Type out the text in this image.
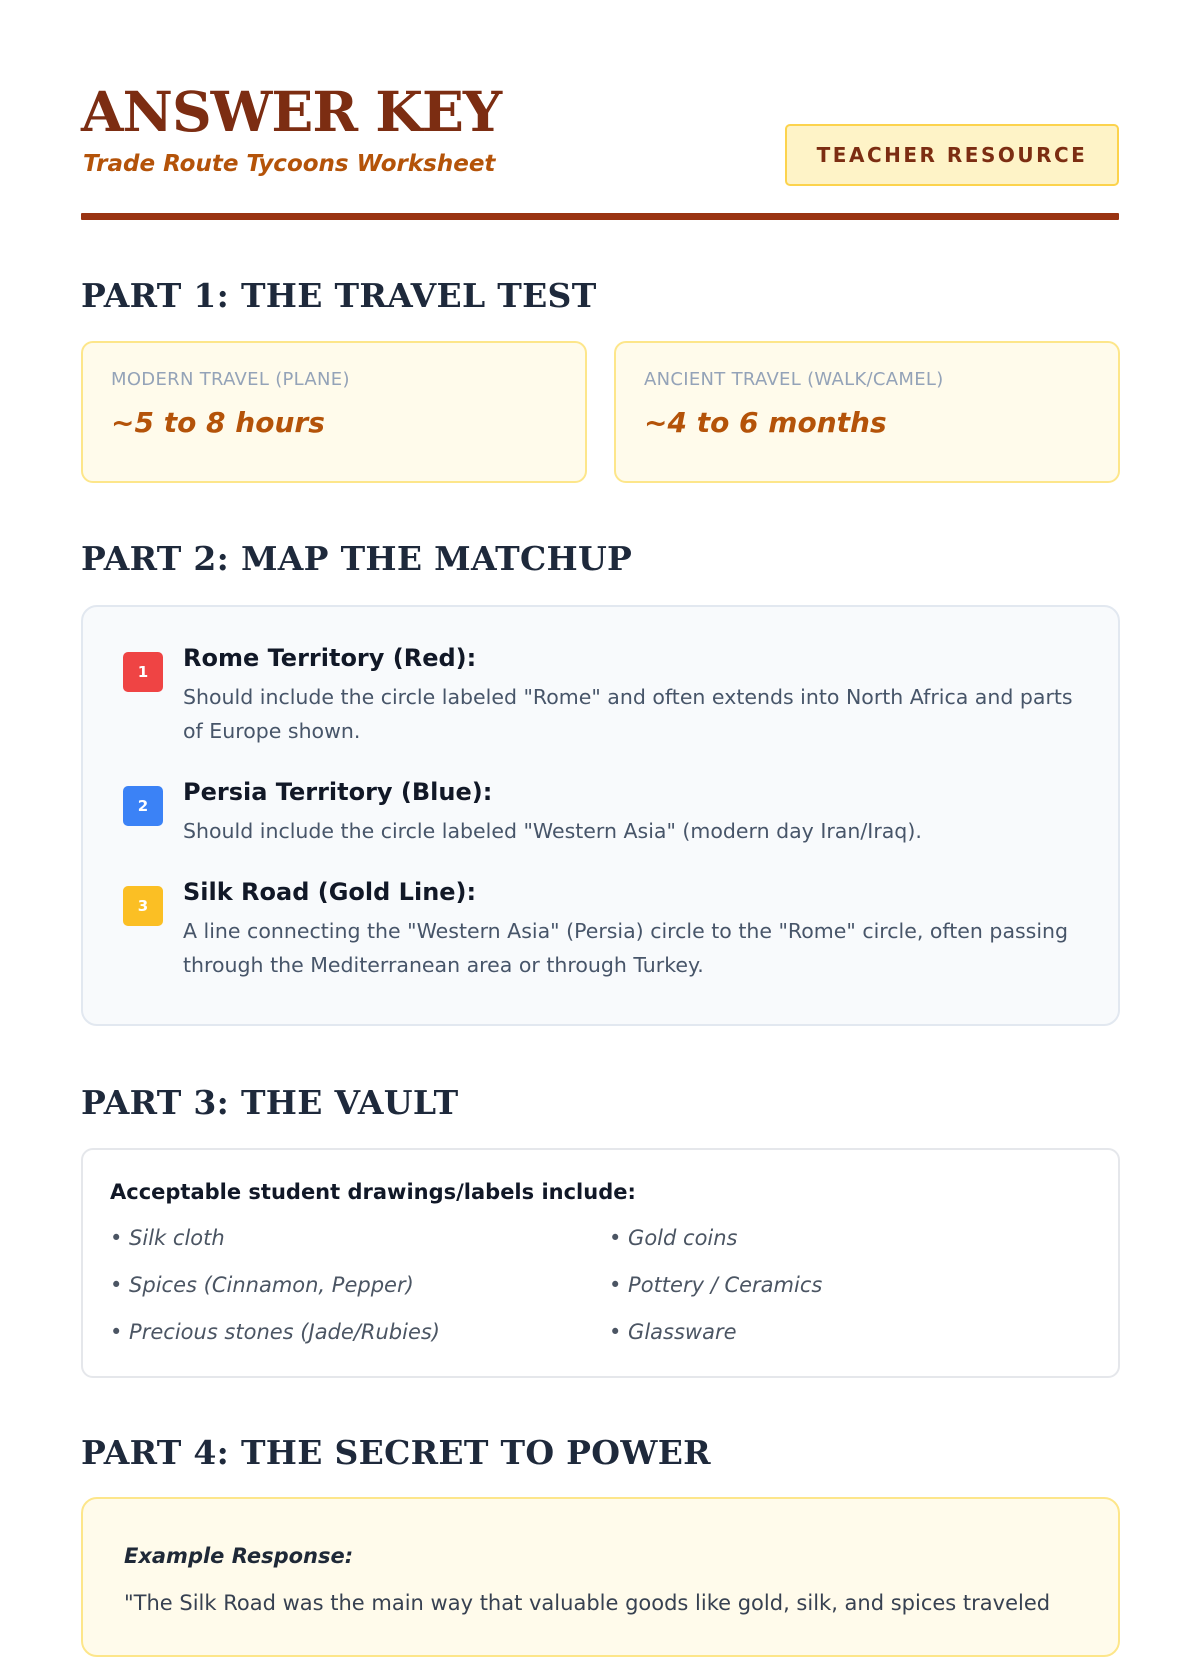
ANSWER KEY
Trade Route Tycoons Worksheet	TEACHER RESOURCE
PART 1: THE TRAVEL TEST
MODERN TRAVEL (PLANE)
~5 to 8 hours
ANCIENT TRAVEL (WALK/CAMEL)
~4 to 6 months
PART 2: MAP THE MATCHUP
1	Rome Territory (Red):
Should include the circle labeled "Rome" and often extends into North Africa and parts of Europe shown.
2	Persia Territory (Blue):
Should include the circle labeled "Western Asia" (modern day Iran/Iraq).
3	Silk Road (Gold Line):
A line connecting the "Western Asia" (Persia) circle to the "Rome" circle, often passing through the Mediterranean area or through Turkey.
PART 3: THE VAULT
Acceptable student drawings/labels include:
• Silk cloth	• Gold coins
• Spices (Cinnamon, Pepper)	• Pottery / Ceramics
• Precious stones (Jade/Rubies)	• Glassware
PART 4: THE SECRET TO POWER
Example Response:
"The Silk Road was the main way that valuable goods like gold, silk, and spices traveled
